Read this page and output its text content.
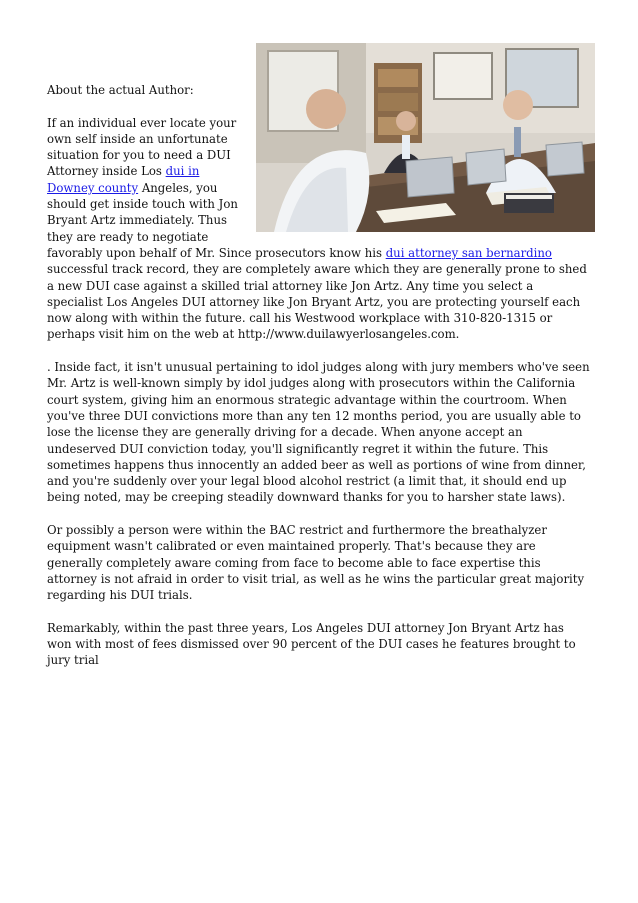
About the actual Author:

If an individual ever locate your own self inside an unfortunate situation for you to need a DUI Attorney inside Los dui in Downey county Angeles, you should get inside touch with Jon Bryant Artz immediately. Thus they are ready to negotiate favorably upon behalf of Mr. Since prosecutors know his dui attorney san bernardino successful track record, they are completely aware which they are generally prone to shed a new DUI case against a skilled trial attorney like Jon Artz. Any time you select a specialist Los Angeles DUI attorney like Jon Bryant Artz, you are protecting yourself each now along with within the future. call his Westwood workplace with 310-820-1315 or perhaps visit him on the web at http://www.duilawyerlosangeles.com.

. Inside fact, it isn't unusual pertaining to idol judges along with jury members who've seen Mr. Artz is well-known simply by idol judges along with prosecutors within the California court system, giving him an enormous strategic advantage within the courtroom. When you've three DUI convictions more than any ten 12 months period, you are usually able to lose the license they are generally driving for a decade. When anyone accept an undeserved DUI conviction today, you'll significantly regret it within the future. This sometimes happens thus innocently an added beer as well as portions of wine from dinner, and you're suddenly over your legal blood alcohol restrict (a limit that, it should end up being noted, may be creeping steadily downward thanks for you to harsher state laws).

Or possibly a person were within the BAC restrict and furthermore the breathalyzer equipment wasn't calibrated or even maintained properly. That's because they are generally completely aware coming from face to become able to face expertise this attorney is not afraid in order to visit trial, as well as he wins the particular great majority regarding his DUI trials.

Remarkably, within the past three years, Los Angeles DUI attorney Jon Bryant Artz has won with most of fees dismissed over 90 percent of the DUI cases he features brought to jury trial
